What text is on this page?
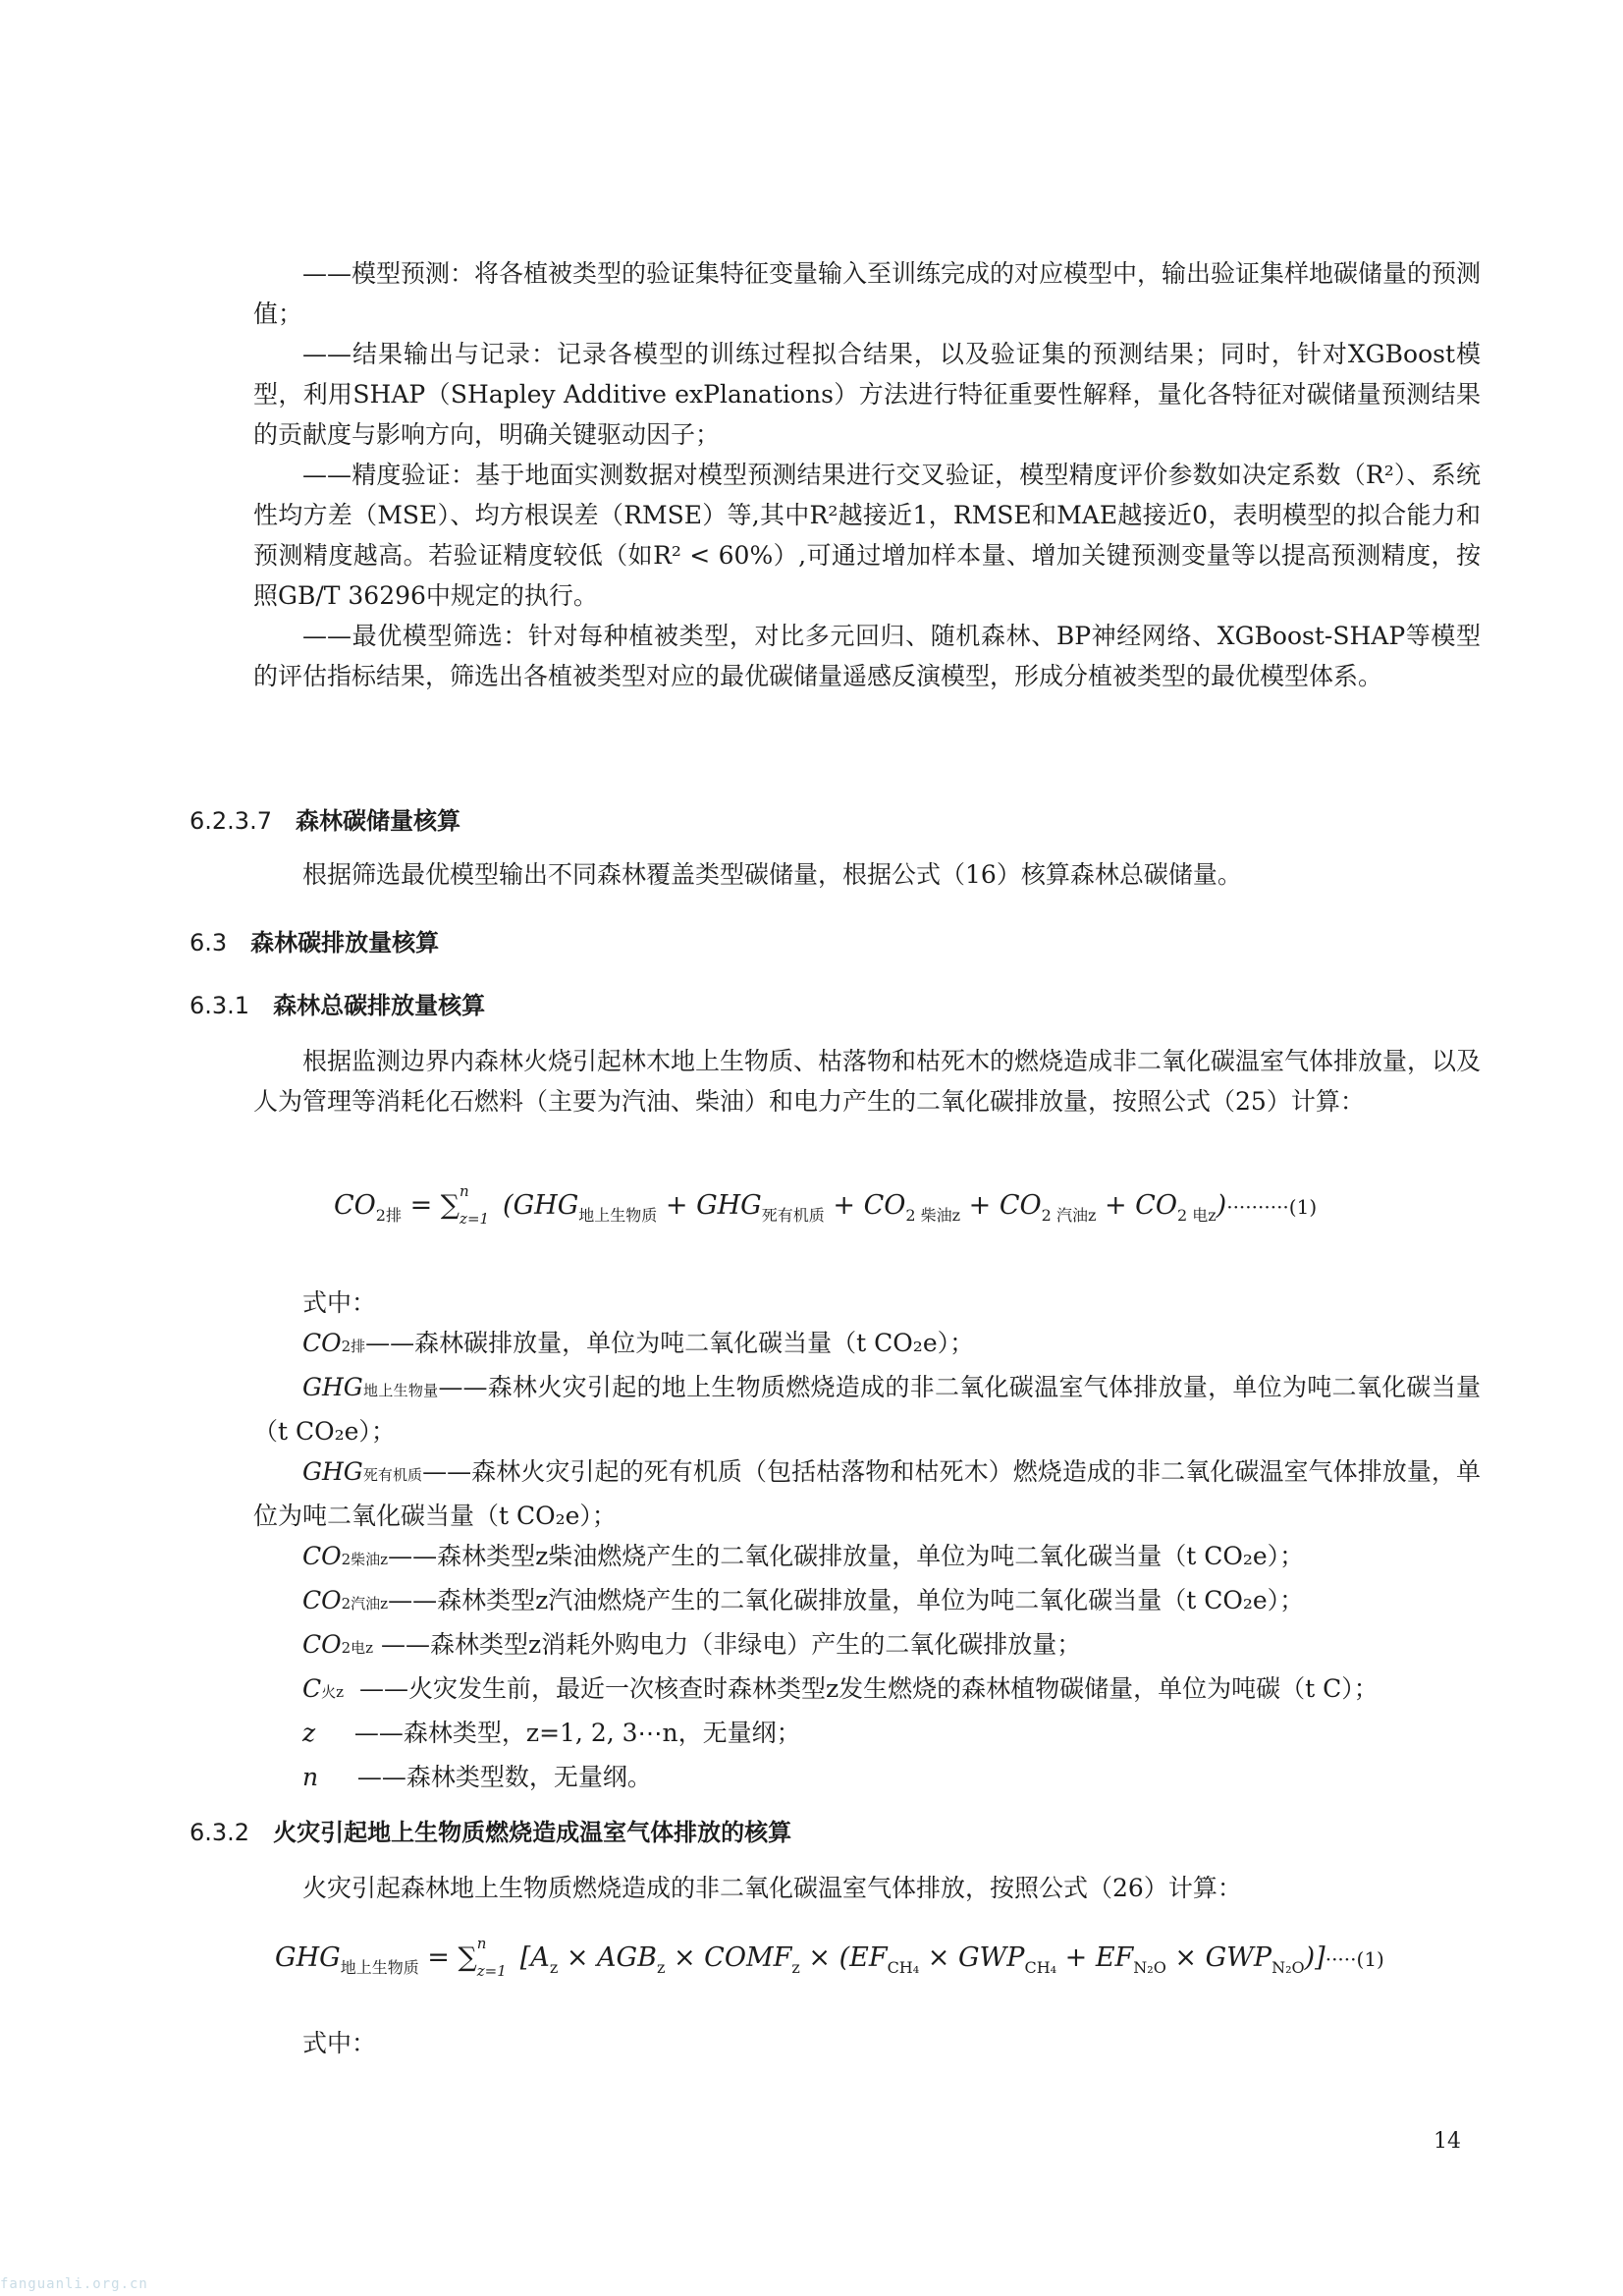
——模型预测：将各植被类型的验证集特征变量输入至训练完成的对应模型中，输出验证集样地碳储量的预测值；

——结果输出与记录：记录各模型的训练过程拟合结果，以及验证集的预测结果；同时，针对XGBoost模型，利用SHAP（SHapley Additive exPlanations）方法进行特征重要性解释，量化各特征对碳储量预测结果的贡献度与影响方向，明确关键驱动因子；

——精度验证：基于地面实测数据对模型预测结果进行交叉验证，模型精度评价参数如决定系数（R²）、系统性均方差（MSE）、均方根误差（RMSE）等,其中R²越接近1，RMSE和MAE越接近0，表明模型的拟合能力和预测精度越高。若验证精度较低（如R² < 60%）,可通过增加样本量、增加关键预测变量等以提高预测精度，按照GB/T 36296中规定的执行。

——最优模型筛选：针对每种植被类型，对比多元回归、随机森林、BP神经网络、XGBoost-SHAP等模型的评估指标结果，筛选出各植被类型对应的最优碳储量遥感反演模型，形成分植被类型的最优模型体系。

6.2.3.7 森林碳储量核算

根据筛选最优模型输出不同森林覆盖类型碳储量，根据公式（16）核算森林总碳储量。

6.3 森林碳排放量核算
6.3.1 森林总碳排放量核算

根据监测边界内森林火烧引起林木地上生物质、枯落物和枯死木的燃烧造成非二氧化碳温室气体排放量，以及人为管理等消耗化石燃料（主要为汽油、柴油）和电力产生的二氧化碳排放量，按照公式（25）计算：

$CO_{2排}$ = ∑ n
z=1 $(GHG_{地上生物质} + GHG_{死有机质} + CO_{2 柴油z} + CO_{2 汽油z} + CO_{2 电z})\cdot\cdot\cdot\cdot\cdot\cdot\cdot\cdot\cdot\cdot(1)$

式中：

CO2排——森林碳排放量，单位为吨二氧化碳当量（t CO₂e）；

GHG地上生物量——森林火灾引起的地上生物质燃烧造成的非二氧化碳温室气体排放量，单位为吨二氧化碳当量（t CO₂e）；

GHG死有机质——森林火灾引起的死有机质（包括枯落物和枯死木）燃烧造成的非二氧化碳温室气体排放量，单位为吨二氧化碳当量（t CO₂e）；

CO2柴油z——森林类型z柴油燃烧产生的二氧化碳排放量，单位为吨二氧化碳当量（t CO₂e）；

CO2汽油z——森林类型z汽油燃烧产生的二氧化碳排放量，单位为吨二氧化碳当量（t CO₂e）；

CO2电z ——森林类型z消耗外购电力（非绿电）产生的二氧化碳排放量；

C火z  ——火灾发生前，最近一次核查时森林类型z发生燃烧的森林植物碳储量，单位为吨碳（t C）；

z     ——森林类型，z=1, 2, 3⋯n，无量纲；

n     ——森林类型数，无量纲。

6.3.2 火灾引起地上生物质燃烧造成温室气体排放的核算

火灾引起森林地上生物质燃烧造成的非二氧化碳温室气体排放，按照公式（26）计算：

$GHG_{地上生物质}$ = ∑ n
z=1 [$A_z \times AGB_z$ × $COMF_z \times (EF_{CH_4} \times GWP_{CH_4} + EF_{N_2O} \times GWP_{N_2O})]\cdot\cdot\cdot\cdot\cdot(1)$

式中：

14
fanguanli.org.cn
